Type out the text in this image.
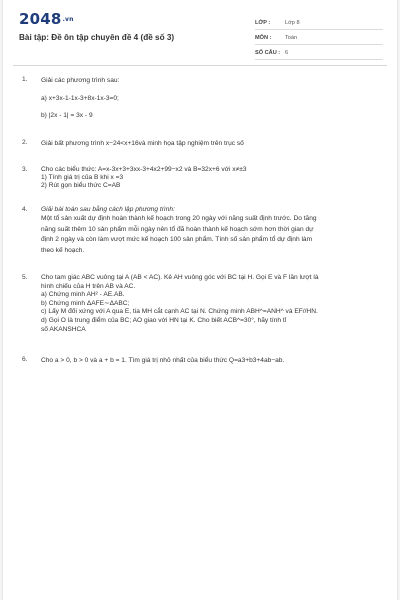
2048.vn
Bài tập: Đề ôn tập chuyên đề 4 (đề số 3)
LỚP :	Lớp 8
MÔN :	Toán
SỐ CÂU : 6
1. Giải các phương trình sau:
a) x+3x-1-1x-3+8x-1x-3=0;
b) |2x - 1| = 3x - 9
2. Giải bất phương trình x−24<x+16và minh họa tập nghiệm trên trục số
3. Cho các biểu thức: A=x-3x+3+3xx-3+4x2+99−x2 và B=32x+6 với x≠±3
1) Tính giá trị của B khi x =3
2) Rút gọn biểu thức C=AB
4. Giải bài toán sau bằng cách lập phương trình:
Một tổ sản xuất dự định hoàn thành kế hoạch trong 20 ngày với năng suất định trước. Do tăng
năng suất thêm 10 sản phẩm mỗi ngày nên tổ đã hoàn thành kế hoạch sớm hơn thời gian dự
định 2 ngày và còn làm vượt mức kế hoạch 100 sản phẩm. Tính số sản phẩm tổ dự định làm
theo kế hoạch.
5. Cho tam giác ABC vuông tại A (AB < AC). Kẻ AH vuông góc với BC tại H. Gọi E và F lần lượt là
hình chiếu của H trên AB và AC.
a) Chứng minh AH² - AE.AB.
b) Chứng minh ΔAFE∼ΔABC;
c) Lấy M đối xứng với A qua E, tia MH cắt cạnh AC tại N. Chứng minh ABH^=ANH^ và EF//HN.
d) Gọi O là trung điểm của BC; AO giao với HN tại K. Cho biết ACB^=30°, hãy tính tỉ
số AKANSHCA
6. Cho a > 0, b > 0 và a + b = 1. Tìm giá trị nhỏ nhất của biểu thức Q=a3+b3+4ab−ab.
